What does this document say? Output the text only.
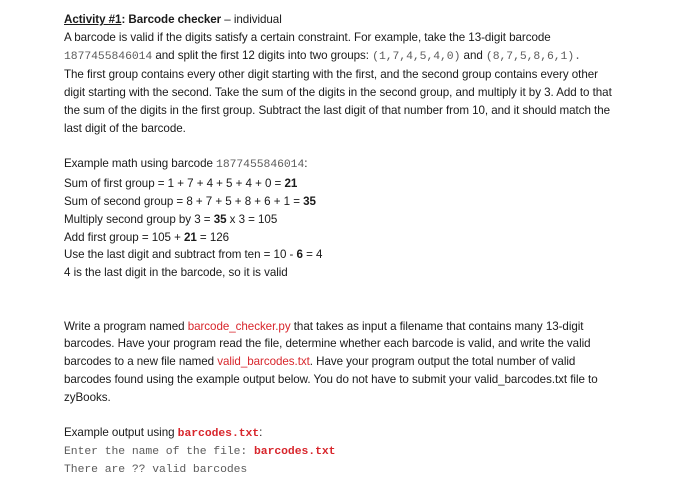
Activity #1: Barcode checker – individual
A barcode is valid if the digits satisfy a certain constraint. For example, take the 13-digit barcode
1877455846014 and split the first 12 digits into two groups: (1,7,4,5,4,0) and (8,7,5,8,6,1).
The first group contains every other digit starting with the first, and the second group contains every other
digit starting with the second. Take the sum of the digits in the second group, and multiply it by 3. Add to that
the sum of the digits in the first group. Subtract the last digit of that number from 10, and it should match the
last digit of the barcode.
Example math using barcode 1877455846014:
Sum of first group = 1 + 7 + 4 + 5 + 4 + 0 = 21
Sum of second group = 8 + 7 + 5 + 8 + 6 + 1 = 35
Multiply second group by 3 = 35 x 3 = 105
Add first group = 105 + 21 = 126
Use the last digit and subtract from ten = 10 - 6 = 4
4 is the last digit in the barcode, so it is valid
Write a program named barcode_checker.py that takes as input a filename that contains many 13-digit
barcodes. Have your program read the file, determine whether each barcode is valid, and write the valid
barcodes to a new file named valid_barcodes.txt. Have your program output the total number of valid
barcodes found using the example output below. You do not have to submit your valid_barcodes.txt file to
zyBooks.
Example output using barcodes.txt:
Enter the name of the file: barcodes.txt
There are ?? valid barcodes
